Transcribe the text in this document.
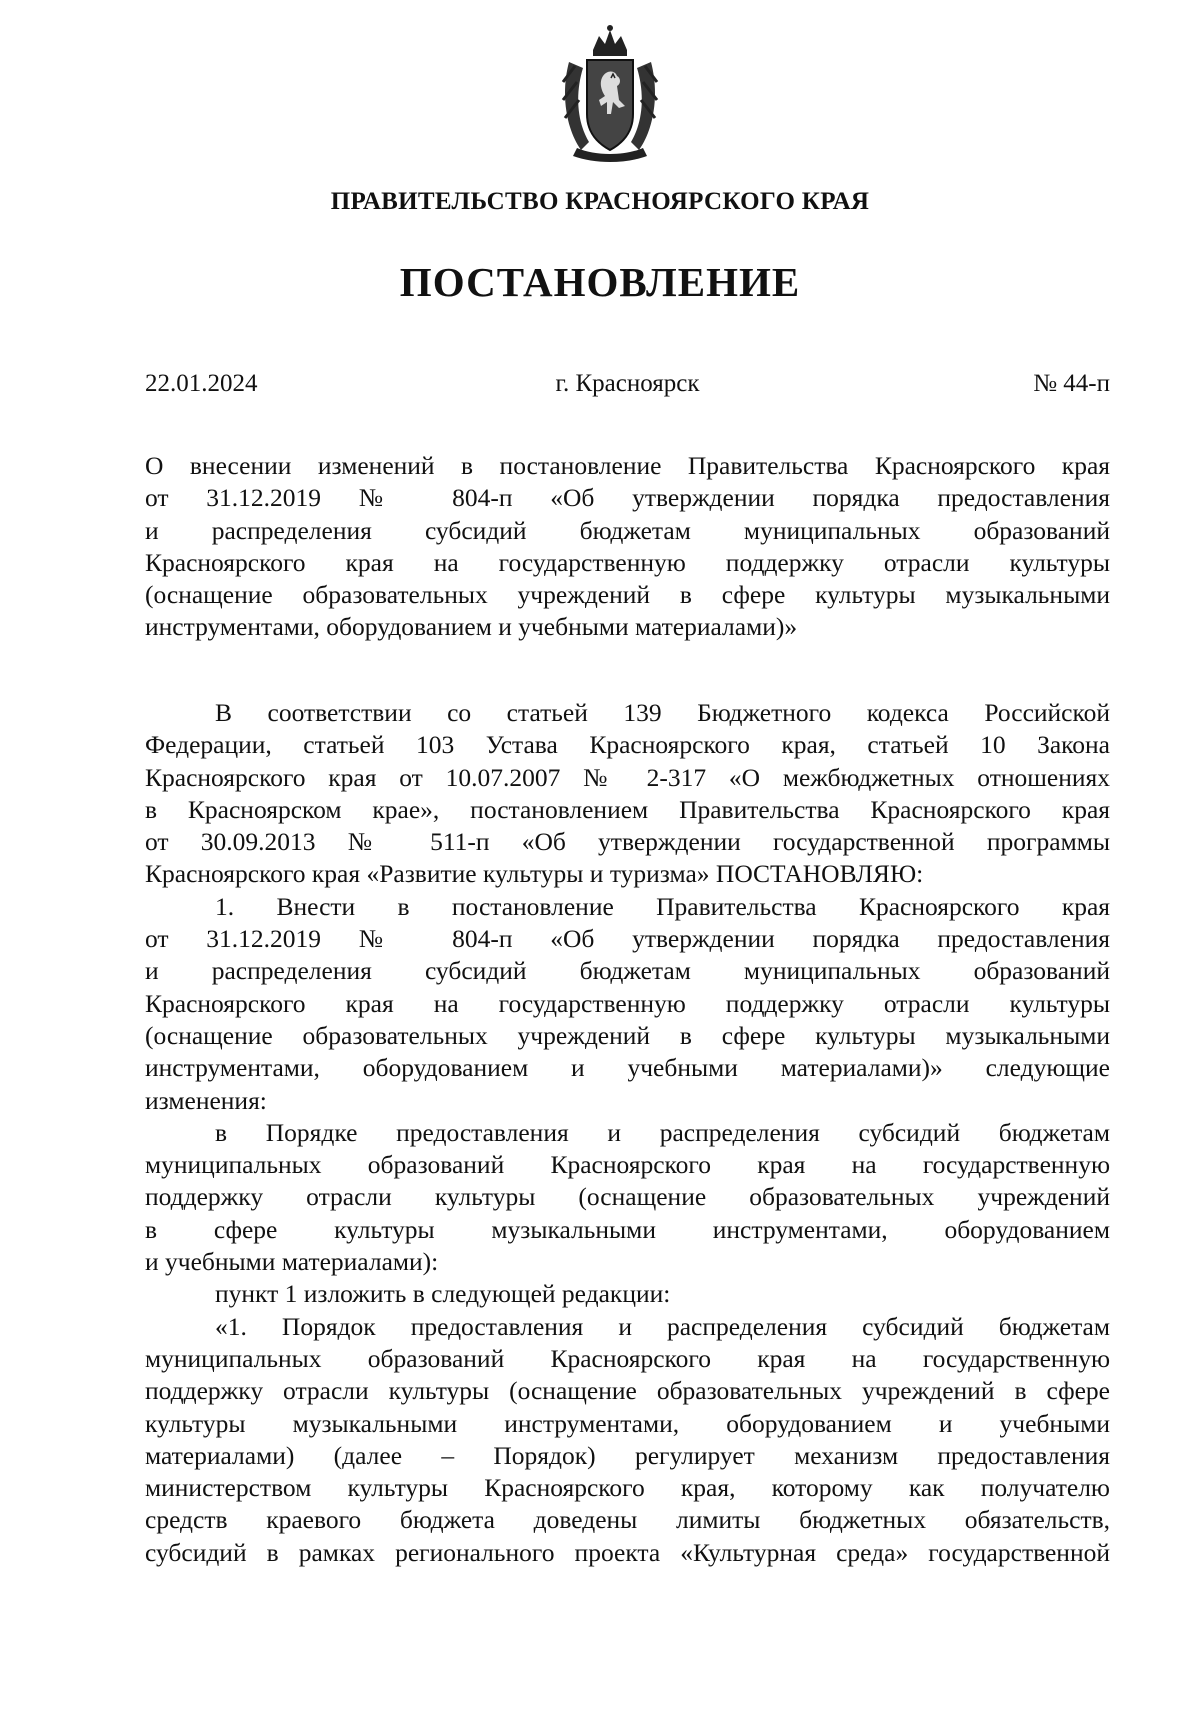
ПРАВИТЕЛЬСТВО КРАСНОЯРСКОГО КРАЯ
ПОСТАНОВЛЕНИЕ
г. Красноярск
22.01.2024	№ 44-п
О внесении изменений в постановление Правительства Красноярского края
от 31.12.2019 № 804-п «Об утверждении порядка предоставления
и распределения субсидий бюджетам муниципальных образований
Красноярского края на государственную поддержку отрасли культуры
(оснащение образовательных учреждений в сфере культуры музыкальными
инструментами, оборудованием и учебными материалами)»
В соответствии со статьей 139 Бюджетного кодекса Российской
Федерации, статьей 103 Устава Красноярского края, статьей 10 Закона
Красноярского края от 10.07.2007 № 2-317 «О межбюджетных отношениях
в Красноярском крае», постановлением Правительства Красноярского края
от 30.09.2013 № 511-п «Об утверждении государственной программы
Красноярского края «Развитие культуры и туризма» ПОСТАНОВЛЯЮ:
1. Внести в постановление Правительства Красноярского края
от 31.12.2019 № 804-п «Об утверждении порядка предоставления
и распределения субсидий бюджетам муниципальных образований
Красноярского края на государственную поддержку отрасли культуры
(оснащение образовательных учреждений в сфере культуры музыкальными
инструментами, оборудованием и учебными материалами)» следующие
изменения:
в Порядке предоставления и распределения субсидий бюджетам
муниципальных образований Красноярского края на государственную
поддержку отрасли культуры (оснащение образовательных учреждений
в сфере культуры музыкальными инструментами, оборудованием
и учебными материалами):
пункт 1 изложить в следующей редакции:
«1. Порядок предоставления и распределения субсидий бюджетам
муниципальных образований Красноярского края на государственную
поддержку отрасли культуры (оснащение образовательных учреждений в сфере
культуры музыкальными инструментами, оборудованием и учебными
материалами) (далее – Порядок) регулирует механизм предоставления
министерством культуры Красноярского края, которому как получателю
средств краевого бюджета доведены лимиты бюджетных обязательств,
субсидий в рамках регионального проекта «Культурная среда» государственной
